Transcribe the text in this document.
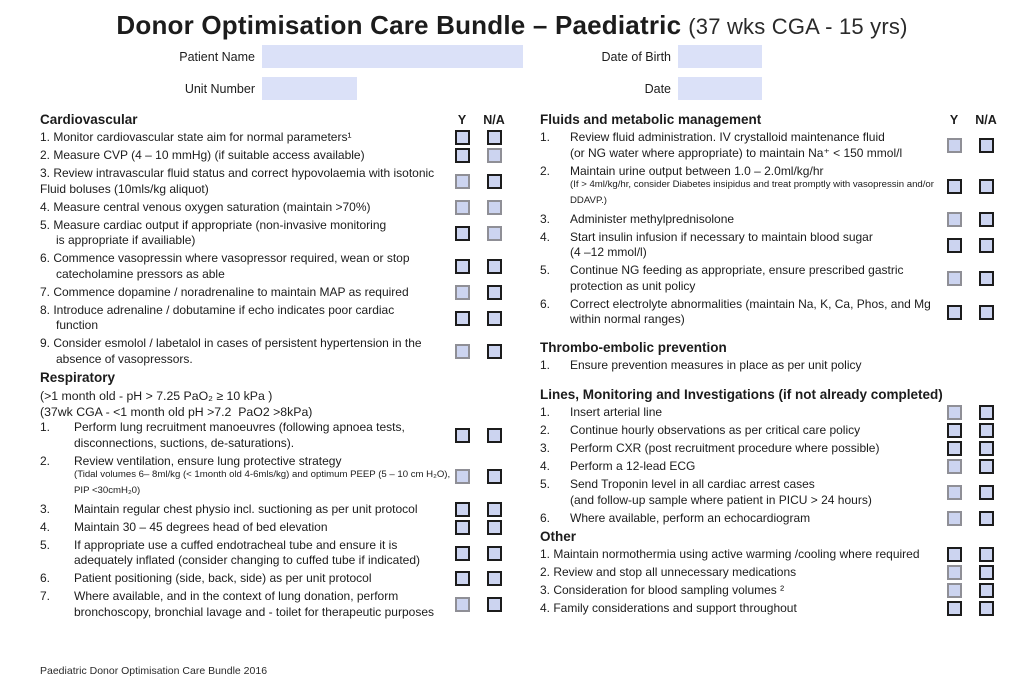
Donor Optimisation Care Bundle – Paediatric (37 wks CGA - 15 yrs)
Patient Name	Date of Birth
Unit Number	Date
Cardiovascular	Y N/A
1. Monitor cardiovascular state aim for normal parameters¹
2. Measure CVP (4 – 10 mmHg) (if suitable access available)
3. Review intravascular fluid status and correct hypovolaemia with isotonic
Fluid boluses (10mls/kg aliquot)
4. Measure central venous oxygen saturation (maintain >70%)
5. Measure cardiac output if appropriate (non-invasive monitoring
is appropriate if availiable)
6. Commence vasopressin where vasopressor required, wean or stop
catecholamine pressors as able
7. Commence dopamine / noradrenaline to maintain MAP as required
8. Introduce adrenaline / dobutamine if echo indicates poor cardiac
function
9. Consider esmolol / labetalol in cases of persistent hypertension in the
absence of vasopressors.
Respiratory
(>1 month old - pH > 7.25 PaO₂ ≥ 10 kPa )
(37wk CGA - <1 month old pH >7.2  PaO2 >8kPa)
1.	Perform lung recruitment manoeuvres (following apnoea tests,
disconnections, suctions, de-saturations).
2.	Review ventilation, ensure lung protective strategy
(Tidal volumes 6– 8ml/kg (< 1month old 4-6mls/kg) and optimum PEEP (5 – 10 cm H₂O),
PIP <30cmH₂0)
3.	Maintain regular chest physio incl. suctioning as per unit protocol
4.	Maintain 30 – 45 degrees head of bed elevation
5.	If appropriate use a cuffed endotracheal tube and ensure it is
adequately inflated (consider changing to cuffed tube if indicated)
6.	Patient positioning (side, back, side) as per unit protocol
7.	Where available, and in the context of lung donation, perform
bronchoscopy, bronchial lavage and - toilet for therapeutic purposes
Fluids and metabolic management	Y N/A
1.	Review fluid administration. IV crystalloid maintenance fluid
(or NG water where appropriate) to maintain Na⁺ < 150 mmol/l
2.	Maintain urine output between 1.0 – 2.0ml/kg/hr
(If > 4ml/kg/hr, consider Diabetes insipidus and treat promptly with vasopressin and/or
DDAVP.)
3.	Administer methylprednisolone
4.	Start insulin infusion if necessary to maintain blood sugar
(4 –12 mmol/l)
5.	Continue NG feeding as appropriate, ensure prescribed gastric
protection as unit policy
6.	Correct electrolyte abnormalities (maintain Na, K, Ca, Phos, and Mg
within normal ranges)
Thrombo-embolic prevention
1.	Ensure prevention measures in place as per unit policy
Lines, Monitoring and Investigations (if not already completed)
1.	Insert arterial line
2.	Continue hourly observations as per critical care policy
3.	Perform CXR (post recruitment procedure where possible)
4.	Perform a 12-lead ECG
5.	Send Troponin level in all cardiac arrest cases
(and follow-up sample where patient in PICU > 24 hours)
6.	Where available, perform an echocardiogram
Other
1. Maintain normothermia using active warming /cooling where required
2. Review and stop all unnecessary medications
3. Consideration for blood sampling volumes ²
4. Family considerations and support throughout
Paediatric Donor Optimisation Care Bundle 2016
